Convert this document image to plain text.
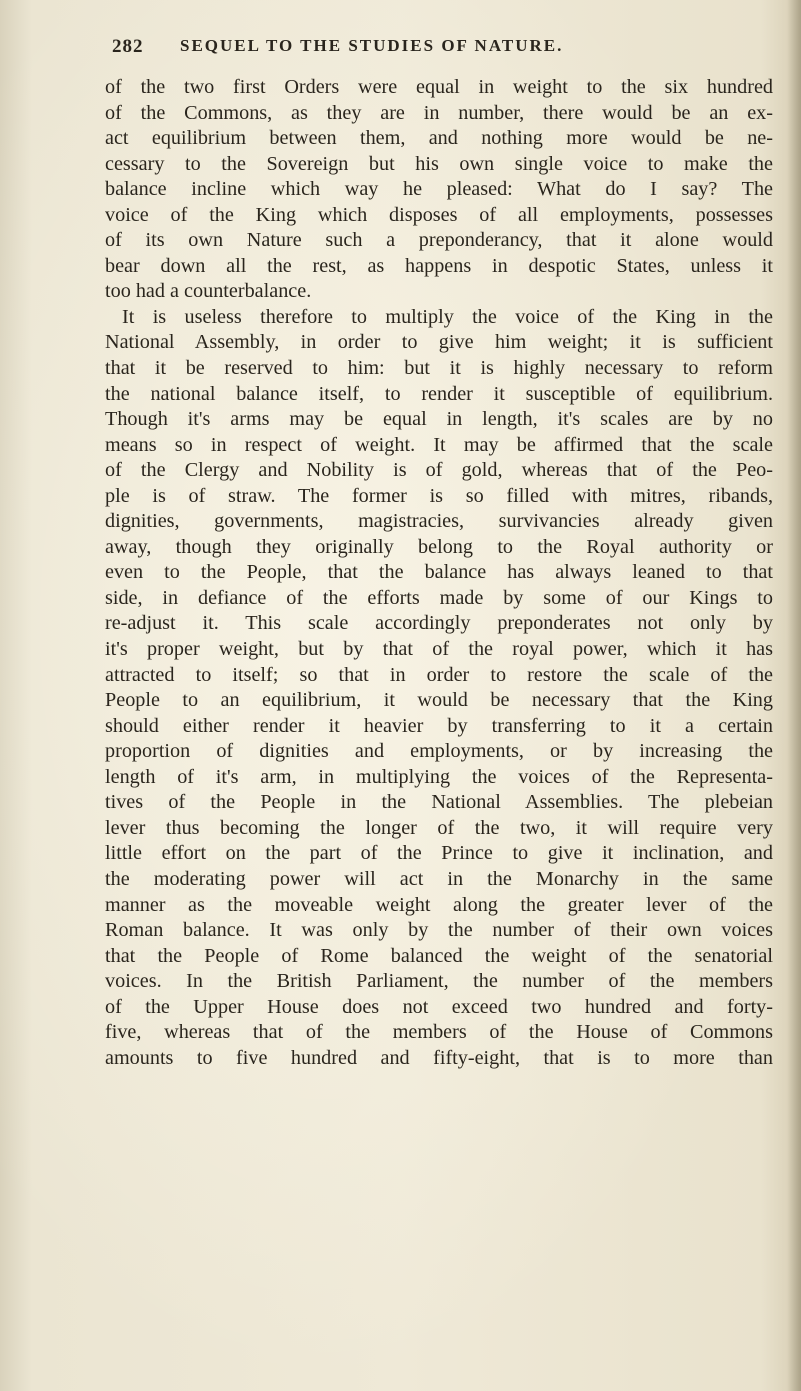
282 SEQUEL TO THE STUDIES OF NATURE.
of the two first Orders were equal in weight to the six hundred
of the Commons, as they are in number, there would be an ex-
act equilibrium between them, and nothing more would be ne-
cessary to the Sovereign but his own single voice to make the
balance incline which way he pleased: What do I say? The
voice of the King which disposes of all employments, possesses
of its own Nature such a preponderancy, that it alone would
bear down all the rest, as happens in despotic States, unless it
too had a counterbalance.
It is useless therefore to multiply the voice of the King in the
National Assembly, in order to give him weight; it is sufficient
that it be reserved to him: but it is highly necessary to reform
the national balance itself, to render it susceptible of equilibrium.
Though it's arms may be equal in length, it's scales are by no
means so in respect of weight. It may be affirmed that the scale
of the Clergy and Nobility is of gold, whereas that of the Peo-
ple is of straw. The former is so filled with mitres, ribands,
dignities, governments, magistracies, survivancies already given
away, though they originally belong to the Royal authority or
even to the People, that the balance has always leaned to that
side, in defiance of the efforts made by some of our Kings to
re-adjust it. This scale accordingly preponderates not only by
it's proper weight, but by that of the royal power, which it has
attracted to itself; so that in order to restore the scale of the
People to an equilibrium, it would be necessary that the King
should either render it heavier by transferring to it a certain
proportion of dignities and employments, or by increasing the
length of it's arm, in multiplying the voices of the Representa-
tives of the People in the National Assemblies. The plebeian
lever thus becoming the longer of the two, it will require very
little effort on the part of the Prince to give it inclination, and
the moderating power will act in the Monarchy in the same
manner as the moveable weight along the greater lever of the
Roman balance. It was only by the number of their own voices
that the People of Rome balanced the weight of the senatorial
voices. In the British Parliament, the number of the members
of the Upper House does not exceed two hundred and forty-
five, whereas that of the members of the House of Commons
amounts to five hundred and fifty-eight, that is to more than
